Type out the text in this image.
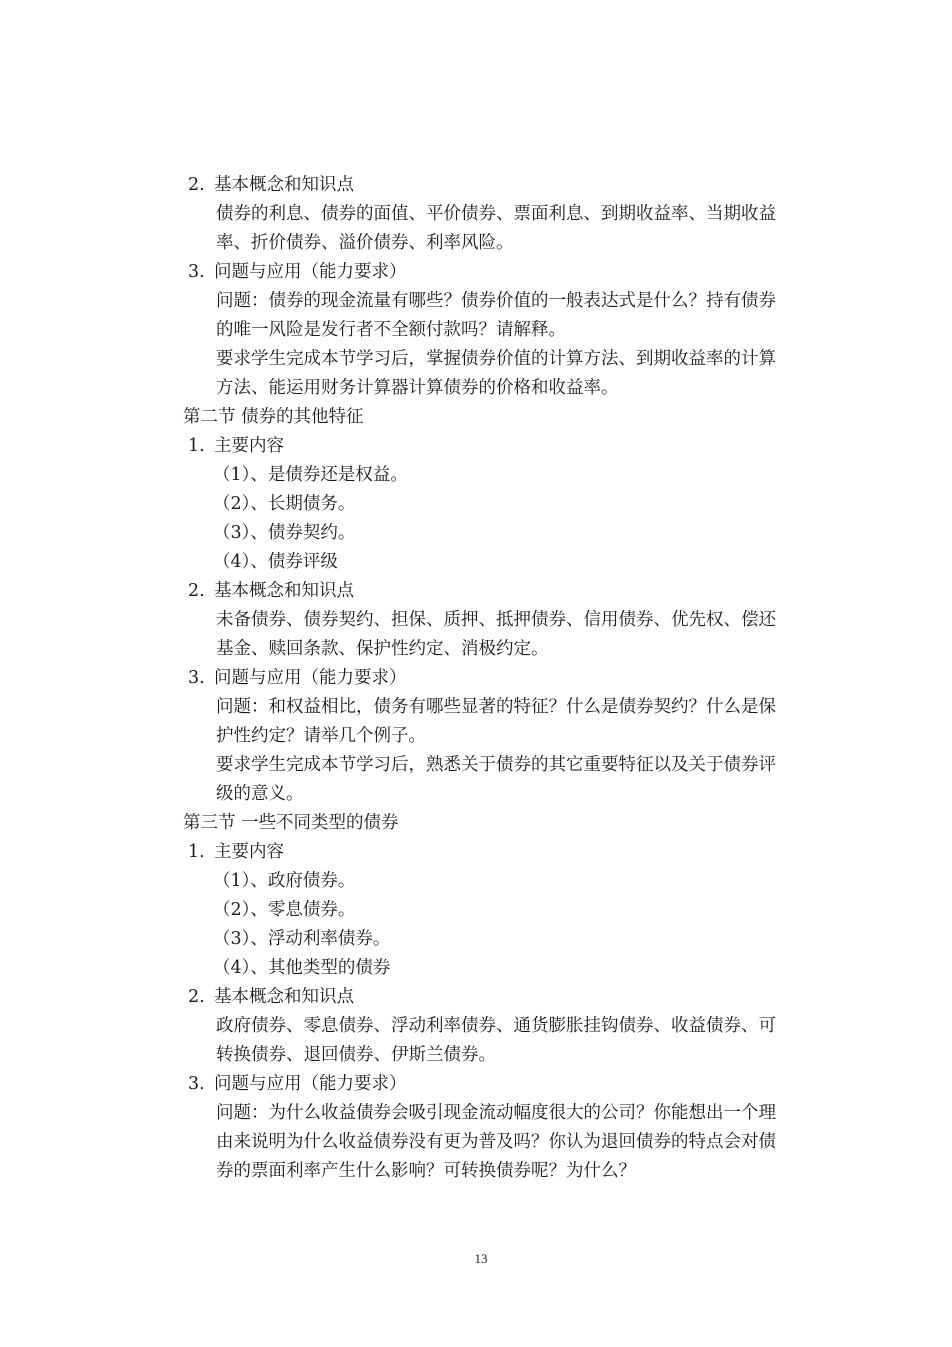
2. 基本概念和知识点
债券的利息、债券的面值、平价债券、票面利息、到期收益率、当期收益
率、折价债券、溢价债券、利率风险。
3. 问题与应用（能力要求）
问题：债券的现金流量有哪些？债券价值的一般表达式是什么？持有债券
的唯一风险是发行者不全额付款吗？请解释。
要求学生完成本节学习后，掌握债券价值的计算方法、到期收益率的计算
方法、能运用财务计算器计算债券的价格和收益率。
第二节 债券的其他特征
1. 主要内容
（1）、是债券还是权益。
（2）、长期债务。
（3）、债券契约。
（4）、债券评级
2. 基本概念和知识点
未备债券、债券契约、担保、质押、抵押债券、信用债券、优先权、偿还
基金、赎回条款、保护性约定、消极约定。
3. 问题与应用（能力要求）
问题：和权益相比，债务有哪些显著的特征？什么是债券契约？什么是保
护性约定？请举几个例子。
要求学生完成本节学习后，熟悉关于债券的其它重要特征以及关于债券评
级的意义。
第三节 一些不同类型的债券
1. 主要内容
（1）、政府债券。
（2）、零息债券。
（3）、浮动利率债券。
（4）、其他类型的债券
2. 基本概念和知识点
政府债券、零息债券、浮动利率债券、通货膨胀挂钩债券、收益债券、可
转换债券、退回债券、伊斯兰债券。
3. 问题与应用（能力要求）
问题：为什么收益债券会吸引现金流动幅度很大的公司？你能想出一个理
由来说明为什么收益债券没有更为普及吗？你认为退回债券的特点会对债
券的票面利率产生什么影响？可转换债券呢？为什么？
13
